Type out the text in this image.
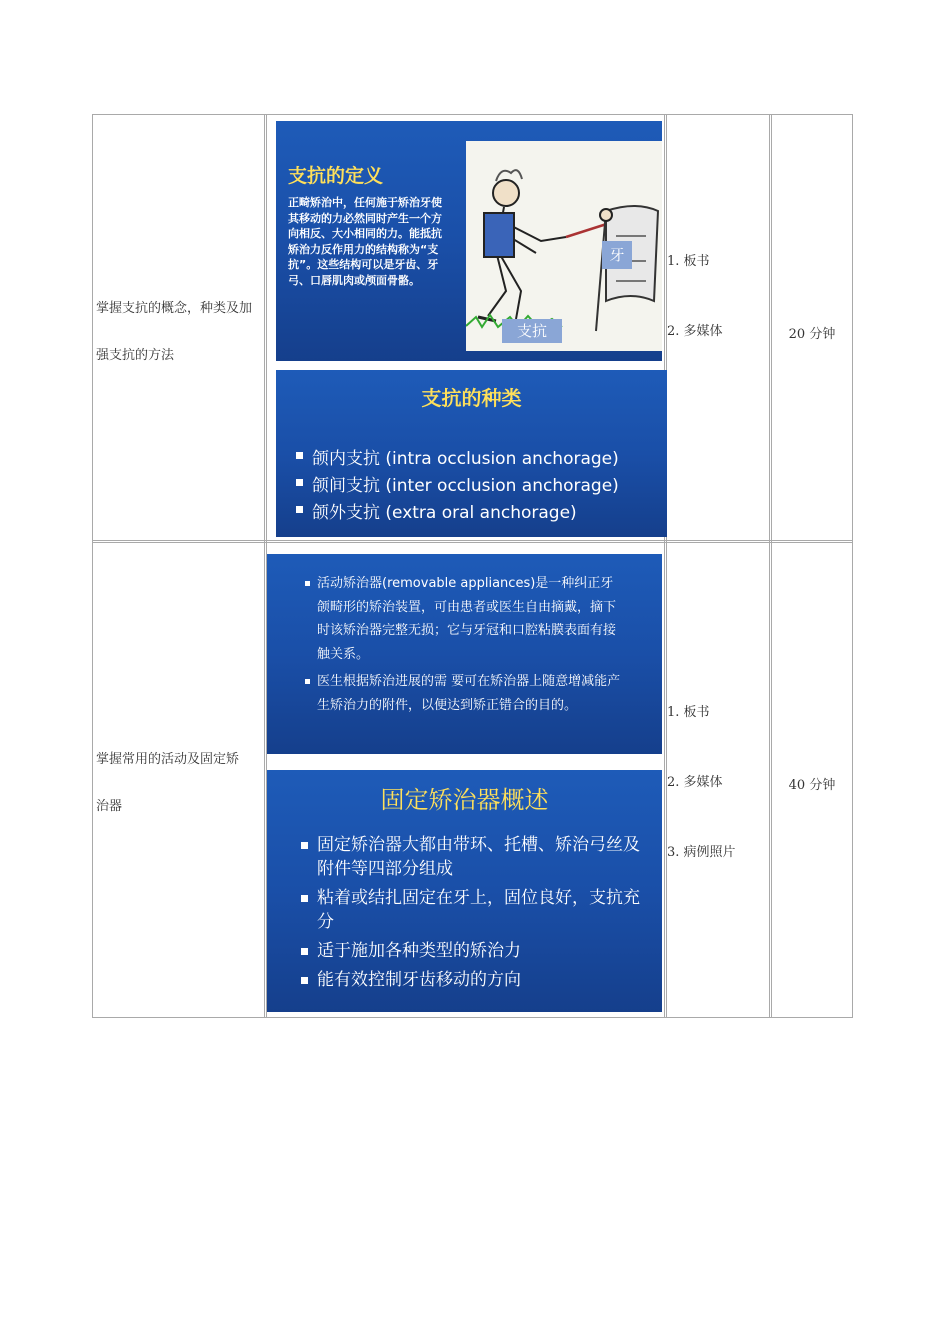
掌握支抗的概念，种类及加
强支抗的方法
支抗的定义
正畸矫治中，任何施于矫治牙使其移动的力必然同时产生一个方向相反、大小相同的力。能抵抗矫治力反作用力的结构称为“支抗”。这些结构可以是牙齿、牙弓、口唇肌肉或颅面骨骼。
牙
支抗
支抗的种类
颌内支抗 (intra occlusion anchorage)
颌间支抗 (inter occlusion anchorage)
颌外支抗 (extra oral anchorage)
1. 板书
2. 多媒体	20 分钟
掌握常用的活动及固定矫
治器
活动矫治器(removable appliances)是一种纠正牙颌畸形的矫治装置，可由患者或医生自由摘戴，摘下时该矫治器完整无损；它与牙冠和口腔粘膜表面有接触关系。
医生根据矫治进展的需 要可在矫治器上随意增减能产生矫治力的附件，以便达到矫正错合的目的。
固定矫治器概述
固定矫治器大都由带环、托槽、矫治弓丝及附件等四部分组成
粘着或结扎固定在牙上，固位良好，支抗充分
适于施加各种类型的矫治力
能有效控制牙齿移动的方向
1. 板书
2. 多媒体
3. 病例照片
40 分钟
